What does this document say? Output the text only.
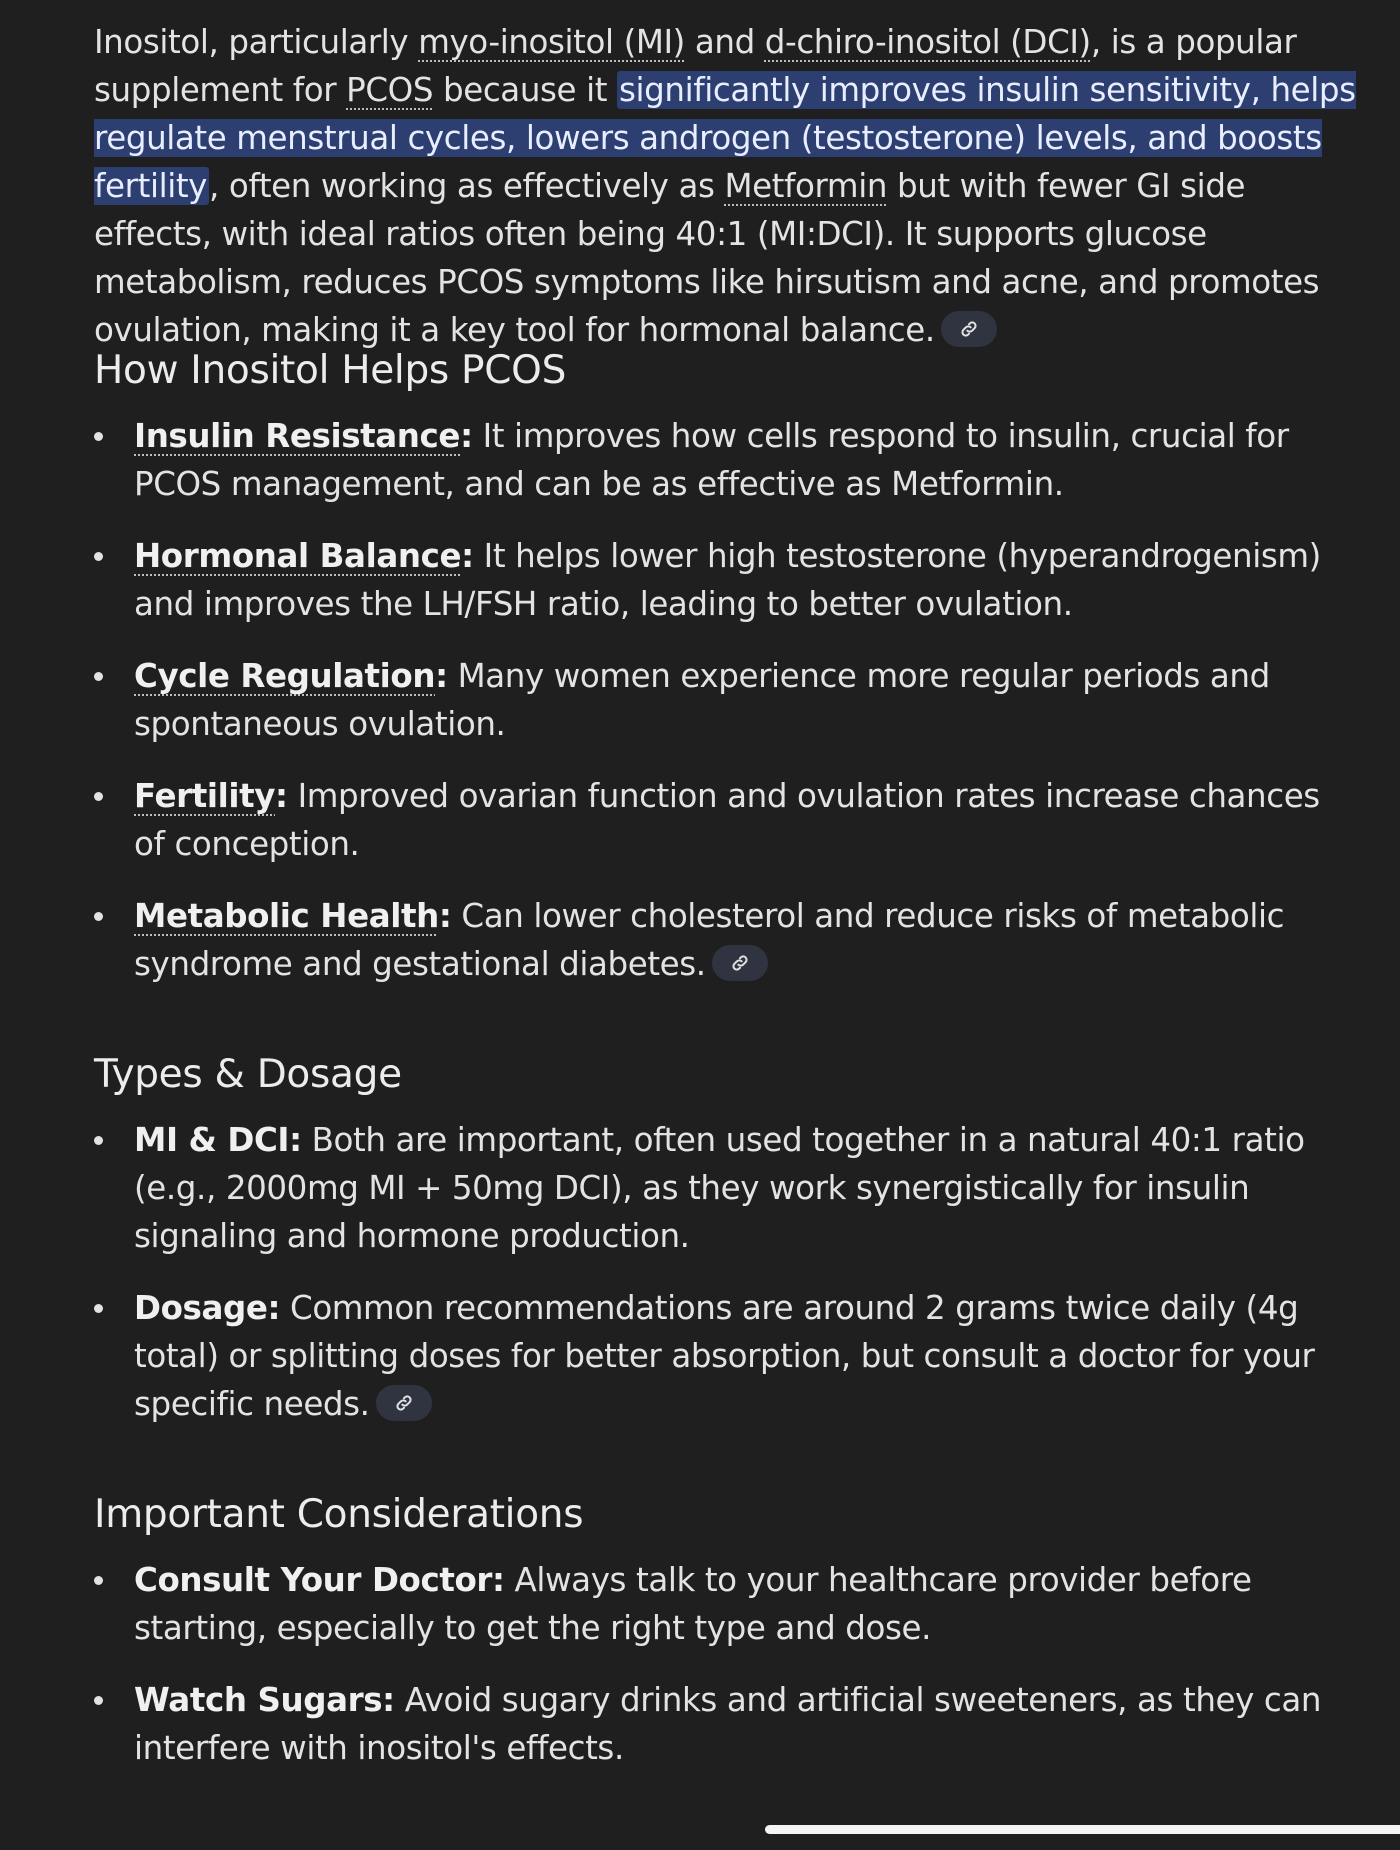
Inositol, particularly myo-inositol (MI) and d-chiro-inositol (DCI), is a popular supplement for PCOS because it significantly improves insulin sensitivity, helps regulate menstrual cycles, lowers androgen (testosterone) levels, and boosts fertility, often working as effectively as Metformin but with fewer GI side effects, with ideal ratios often being 40:1 (MI:DCI). It supports glucose metabolism, reduces PCOS symptoms like hirsutism and acne, and promotes ovulation, making it a key tool for hormonal balance.

How Inositol Helps PCOS
Insulin Resistance: It improves how cells respond to insulin, crucial for PCOS management, and can be as effective as Metformin.
Hormonal Balance: It helps lower high testosterone (hyperandrogenism) and improves the LH/FSH ratio, leading to better ovulation.
Cycle Regulation: Many women experience more regular periods and spontaneous ovulation.
Fertility: Improved ovarian function and ovulation rates increase chances of conception.
Metabolic Health: Can lower cholesterol and reduce risks of metabolic syndrome and gestational diabetes.
Types & Dosage
MI & DCI: Both are important, often used together in a natural 40:1 ratio (e.g., 2000mg MI + 50mg DCI), as they work synergistically for insulin signaling and hormone production.
Dosage: Common recommendations are around 2 grams twice daily (4g total) or splitting doses for better absorption, but consult a doctor for your specific needs.
Important Considerations
Consult Your Doctor: Always talk to your healthcare provider before starting, especially to get the right type and dose.
Watch Sugars: Avoid sugary drinks and artificial sweeteners, as they can interfere with inositol's effects.
